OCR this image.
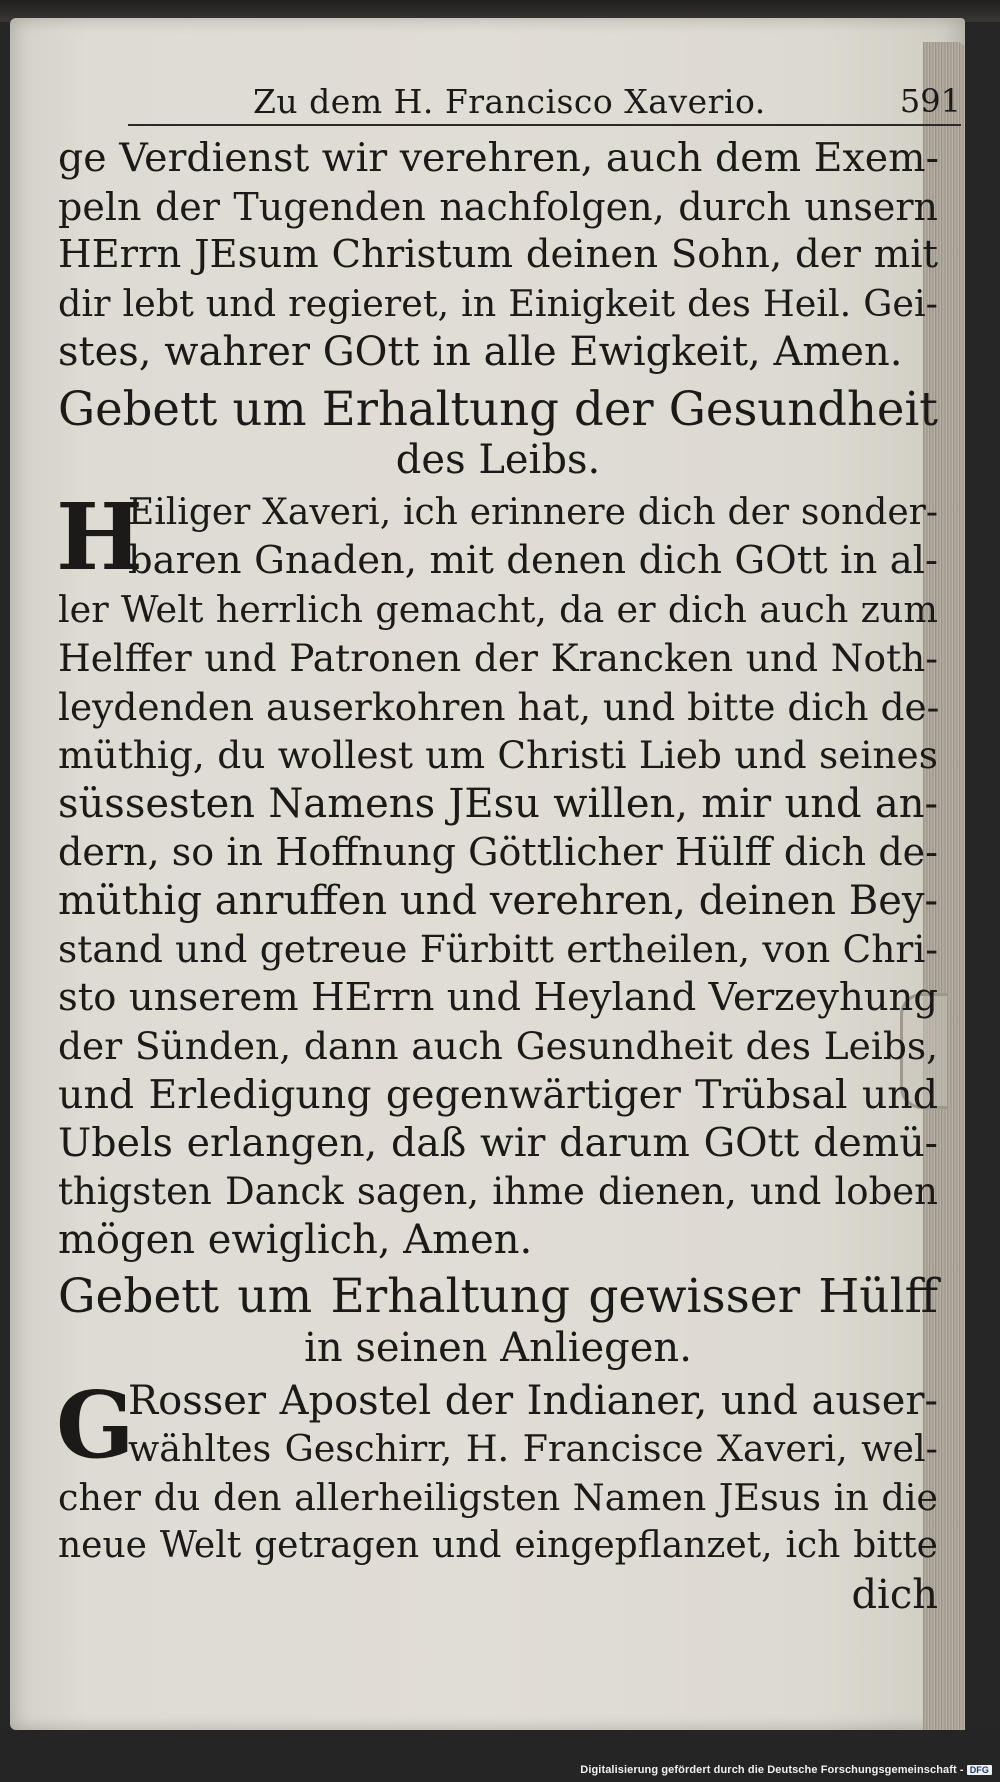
Zu dem H. Francisco Xaverio.	591
ge Verdienst wir verehren, auch dem Exem-
peln der Tugenden nachfolgen, durch unsern
HErrn JEsum Christum deinen Sohn, der mit
dir lebt und regieret, in Einigkeit des Heil. Gei-
stes, wahrer GOtt in alle Ewigkeit, Amen.
Gebett um Erhaltung der Gesundheit
des Leibs.
H
Eiliger Xaveri, ich erinnere dich der sonder-
baren Gnaden, mit denen dich GOtt in al-
ler Welt herrlich gemacht, da er dich auch zum
Helffer und Patronen der Krancken und Noth-
leydenden auserkohren hat, und bitte dich de-
müthig, du wollest um Christi Lieb und seines
süssesten Namens JEsu willen, mir und an-
dern, so in Hoffnung Göttlicher Hülff dich de-
müthig anruffen und verehren, deinen Bey-
stand und getreue Fürbitt ertheilen, von Chri-
sto unserem HErrn und Heyland Verzeyhung
der Sünden, dann auch Gesundheit des Leibs,
und Erledigung gegenwärtiger Trübsal und
Ubels erlangen, daß wir darum GOtt demü-
thigsten Danck sagen, ihme dienen, und loben
mögen ewiglich, Amen.
Gebett um Erhaltung gewisser Hülff
in seinen Anliegen.
G
Rosser Apostel der Indianer, und auser-
wähltes Geschirr, H. Francisce Xaveri, wel-
cher du den allerheiligsten Namen JEsus in die
neue Welt getragen und eingepflanzet, ich bitte
dich
Digitalisierung gefördert durch die Deutsche Forschungsgemeinschaft - DFG
